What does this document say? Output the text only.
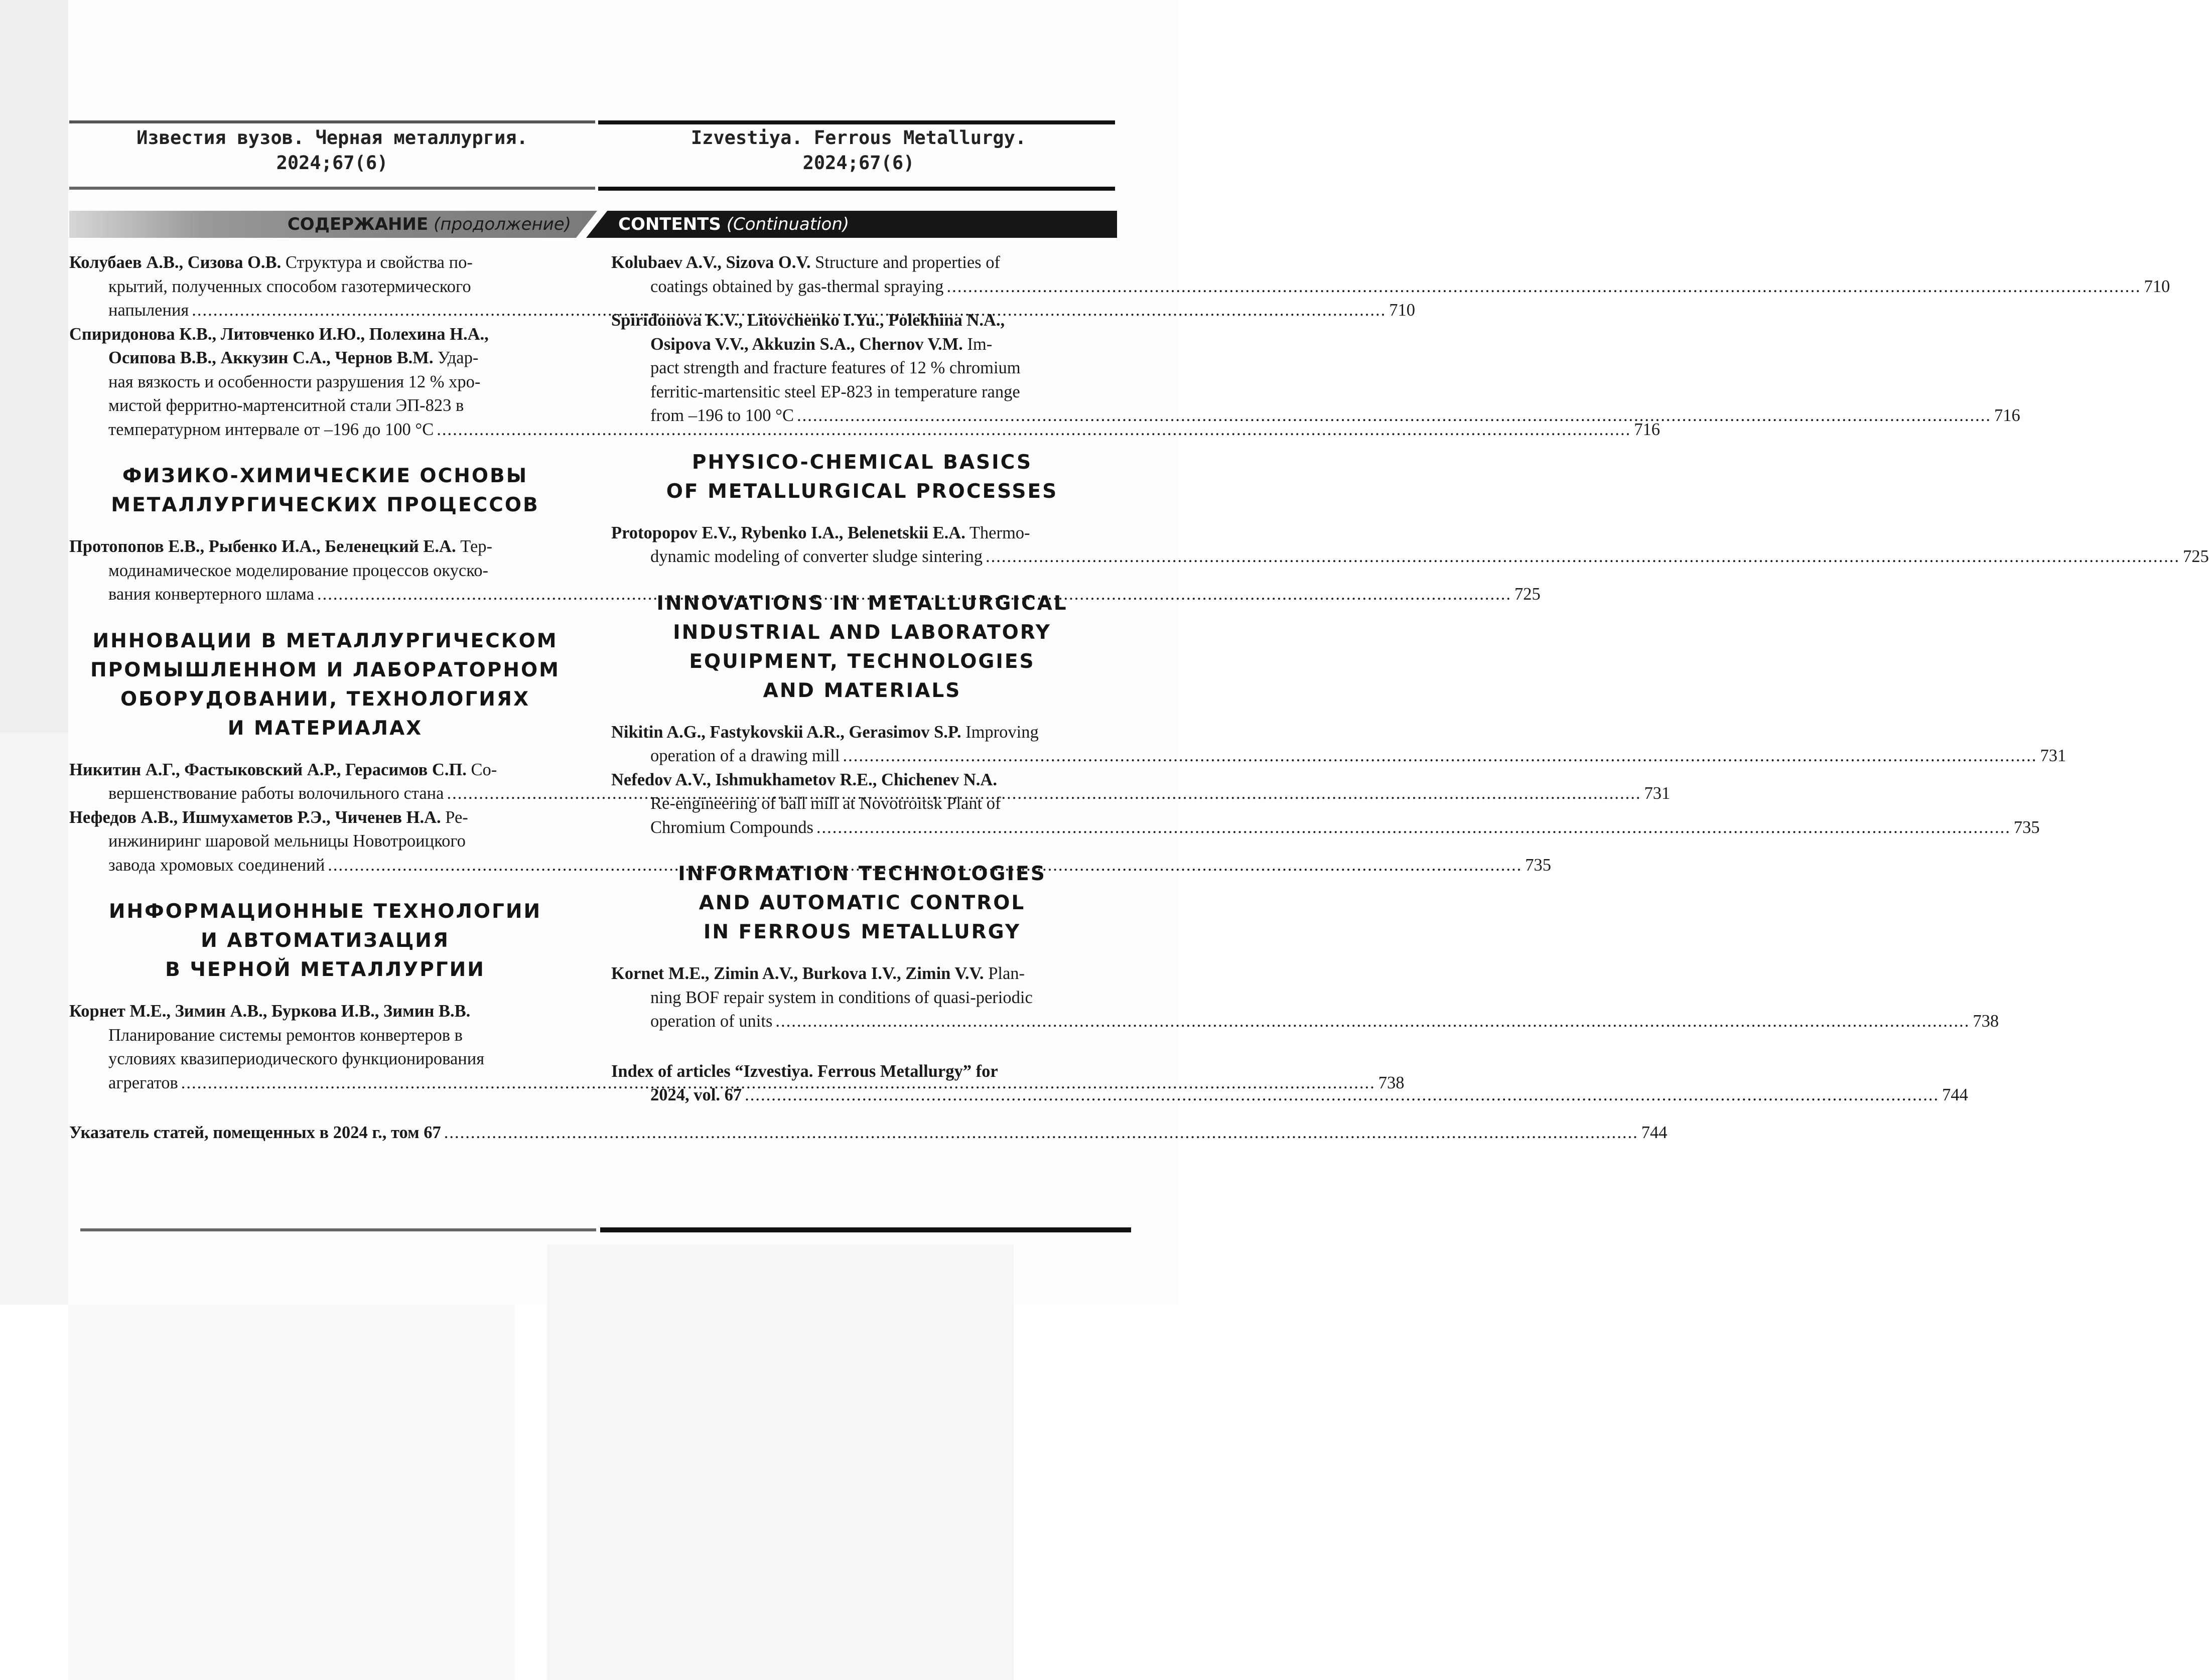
Известия вузов. Черная металлургия.
2024;67(6)
Izvestiya. Ferrous Metallurgy.
2024;67(6)
СОДЕРЖАНИЕ (продолжение)	CONTENTS (Continuation)
Колубаев А.В., Сизова О.В. Структура и свойства по-
крытий, полученных способом газотермического
напыления .....	710
Спиридонова К.В., Литовченко И.Ю., Полехина Н.А.,
Осипова В.В., Аккузин С.А., Чернов В.М. Удар-
ная вязкость и особенности разрушения 12 % хро-
мистой ферритно-мартенситной стали ЭП-823 в
температурном интервале от –196 до 100 °С .....	716
ФИЗИКО-ХИМИЧЕСКИЕ ОСНОВЫ
МЕТАЛЛУРГИЧЕСКИХ ПРОЦЕССОВ
Протопопов Е.В., Рыбенко И.А., Беленецкий Е.А. Тер-
модинамическое моделирование процессов окуско-
вания конвертерного шлама .....	725
ИННОВАЦИИ В МЕТАЛЛУРГИЧЕСКОМ
ПРОМЫШЛЕННОМ И ЛАБОРАТОРНОМ
ОБОРУДОВАНИИ, ТЕХНОЛОГИЯХ
И МАТЕРИАЛАХ
Никитин А.Г., Фастыковский А.Р., Герасимов С.П. Со-
вершенствование работы волочильного стана .....	731
Нефедов А.В., Ишмухаметов Р.Э., Чиченев Н.А. Ре-
инжиниринг шаровой мельницы Новотроицкого
завода хромовых соединений .....	735
ИНФОРМАЦИОННЫЕ ТЕХНОЛОГИИ
И АВТОМАТИЗАЦИЯ
В ЧЕРНОЙ МЕТАЛЛУРГИИ
Корнет М.Е., Зимин А.В., Буркова И.В., Зимин В.В.
Планирование системы ремонтов конвертеров в
условиях квазипериодического функционирования
агрегатов .....	738
Указатель статей, помещенных в 2024 г., том 67 .....	744
Kolubaev A.V., Sizova O.V. Structure and properties of
coatings obtained by gas-thermal spraying .....	710
Spiridonova K.V., Litovchenko I.Yu., Polekhina N.A.,
Osipova V.V., Akkuzin S.A., Chernov V.M. Im-
pact strength and fracture features of 12 % chromium
ferritic-martensitic steel EP-823 in temperature range
from –196 to 100 °C .....	716
PHYSICO-CHEMICAL BASICS
OF METALLURGICAL PROCESSES
Protopopov E.V., Rybenko I.A., Belenetskii E.A. Thermo-
dynamic modeling of converter sludge sintering .....	725
INNOVATIONS IN METALLURGICAL
INDUSTRIAL AND LABORATORY
EQUIPMENT, TECHNOLOGIES
AND MATERIALS
Nikitin A.G., Fastykovskii A.R., Gerasimov S.P. Improving
operation of a drawing mill .....	731
Nefedov A.V., Ishmukhametov R.E., Chichenev N.A.
Re-engineering of ball mill at Novotroitsk Plant of
Chromium Compounds .....	735
INFORMATION TECHNOLOGIES
AND AUTOMATIC CONTROL
IN FERROUS METALLURGY
Kornet M.E., Zimin A.V., Burkova I.V., Zimin V.V. Plan-
ning BOF repair system in conditions of quasi-periodic
operation of units .....	738
Index of articles “Izvestiya. Ferrous Metallurgy” for
2024, vol. 67 .....	744
